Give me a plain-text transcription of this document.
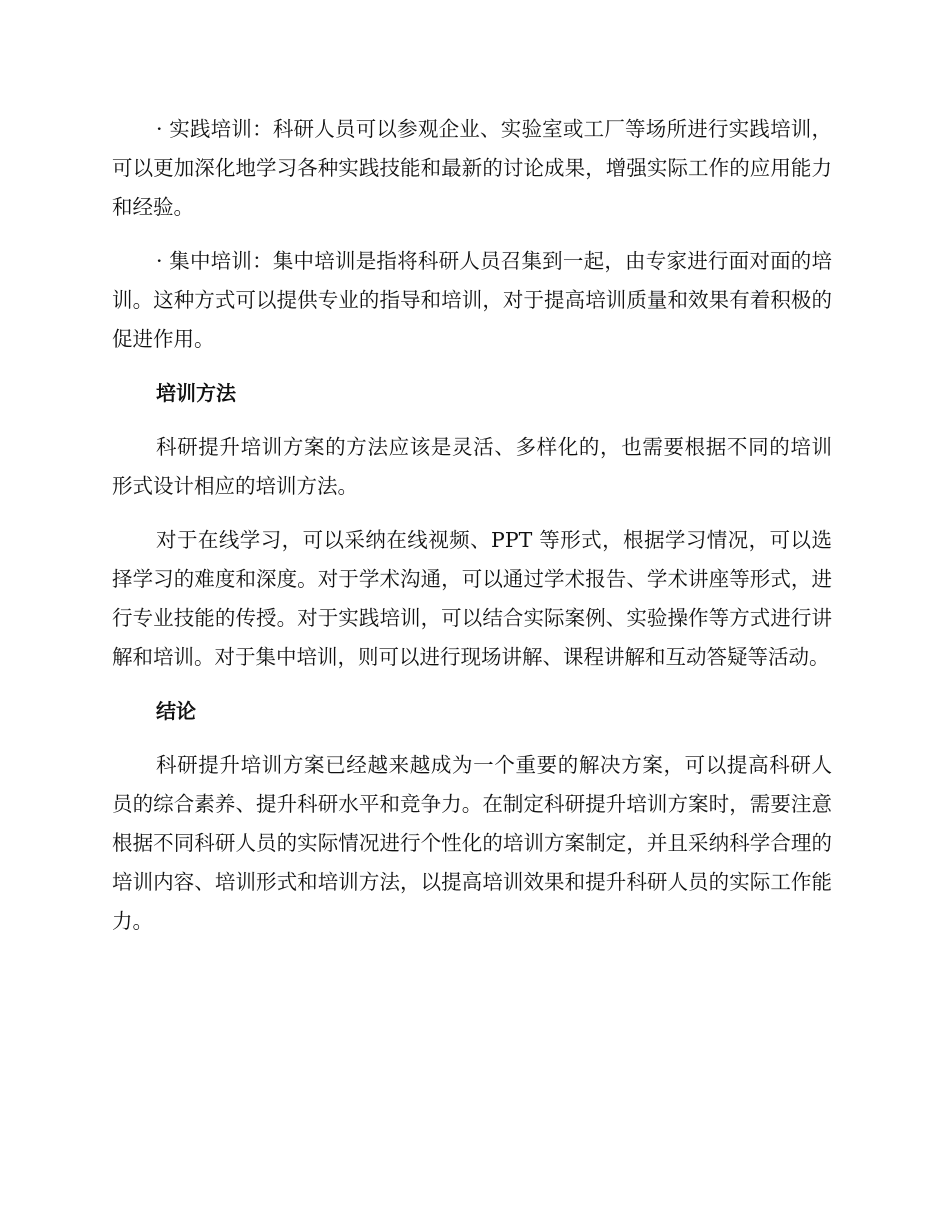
· 实践培训：科研人员可以参观企业、实验室或工厂等场所进行实践培训，可以更加深化地学习各种实践技能和最新的讨论成果，增强实际工作的应用能力和经验。

· 集中培训：集中培训是指将科研人员召集到一起，由专家进行面对面的培训。这种方式可以提供专业的指导和培训，对于提高培训质量和效果有着积极的促进作用。

培训方法

科研提升培训方案的方法应该是灵活、多样化的，也需要根据不同的培训形式设计相应的培训方法。

对于在线学习，可以采纳在线视频、PPT 等形式，根据学习情况，可以选择学习的难度和深度。对于学术沟通，可以通过学术报告、学术讲座等形式，进行专业技能的传授。对于实践培训，可以结合实际案例、实验操作等方式进行讲解和培训。对于集中培训，则可以进行现场讲解、课程讲解和互动答疑等活动。

结论

科研提升培训方案已经越来越成为一个重要的解决方案，可以提高科研人员的综合素养、提升科研水平和竞争力。在制定科研提升培训方案时，需要注意根据不同科研人员的实际情况进行个性化的培训方案制定，并且采纳科学合理的培训内容、培训形式和培训方法，以提高培训效果和提升科研人员的实际工作能力。
